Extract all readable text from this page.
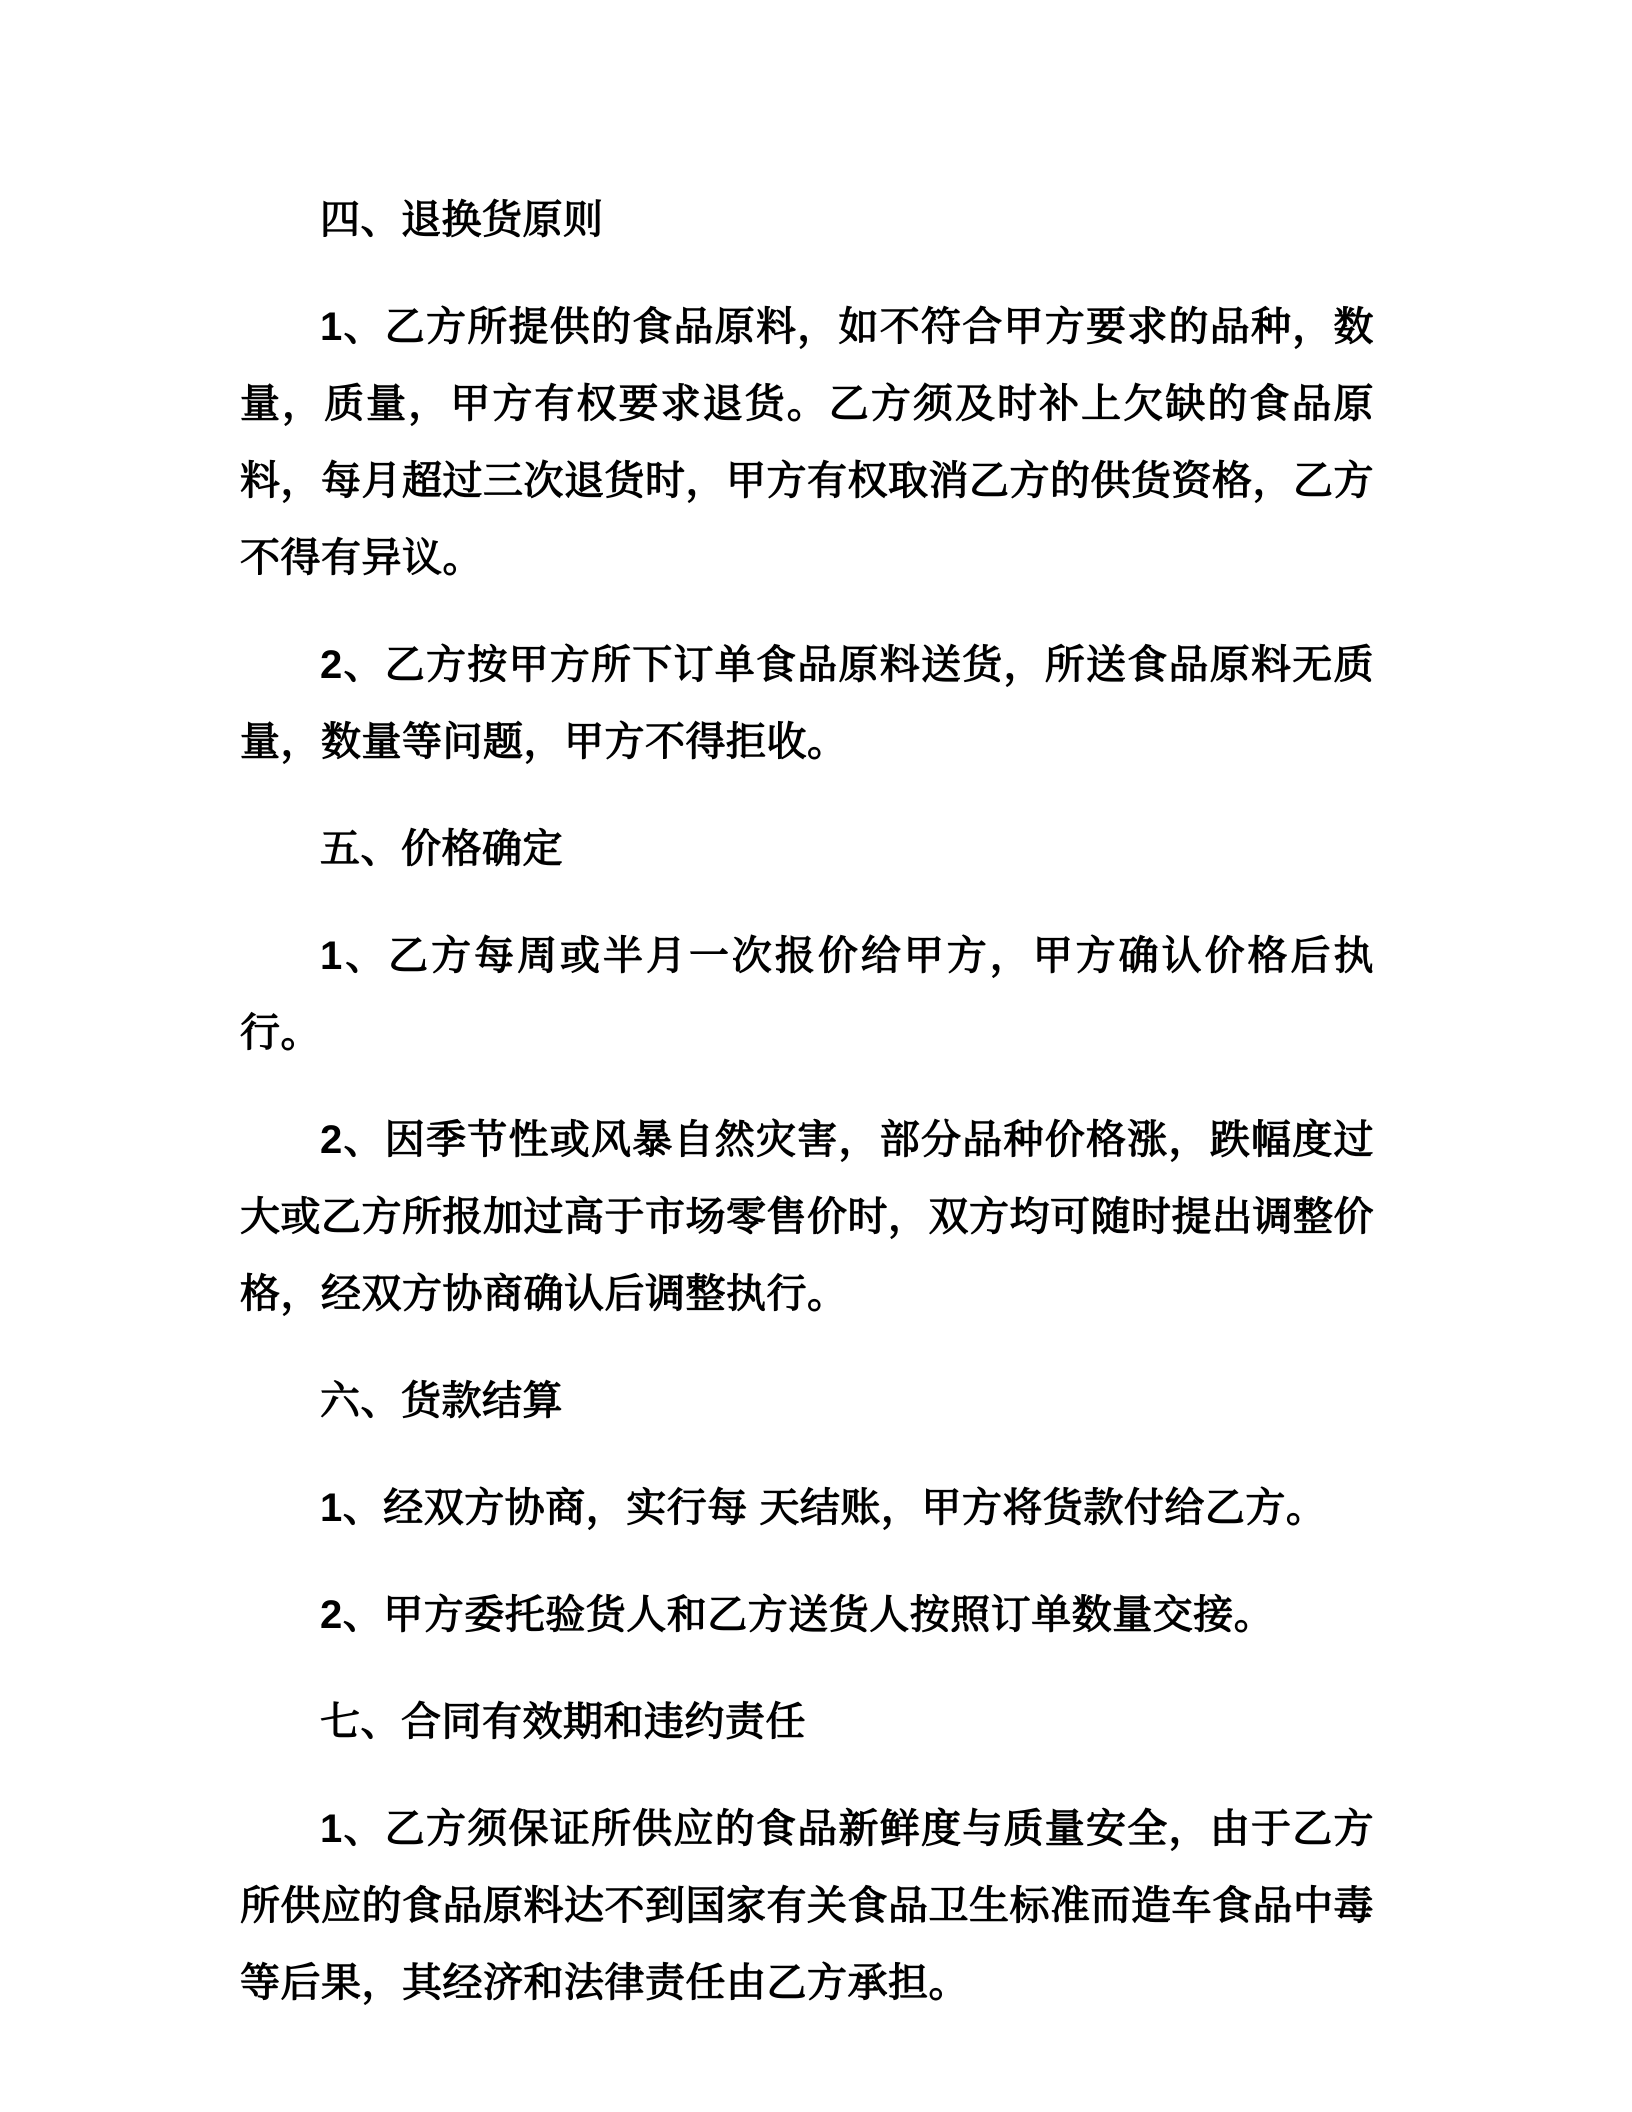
四、退换货原则

1、乙方所提供的食品原料，如不符合甲方要求的品种，数量，质量，甲方有权要求退货。乙方须及时补上欠缺的食品原料，每月超过三次退货时，甲方有权取消乙方的供货资格，乙方不得有异议。

2、乙方按甲方所下订单食品原料送货，所送食品原料无质量，数量等问题，甲方不得拒收。

五、价格确定

1、乙方每周或半月一次报价给甲方，甲方确认价格后执行。

2、因季节性或风暴自然灾害，部分品种价格涨，跌幅度过大或乙方所报加过高于市场零售价时，双方均可随时提出调整价格，经双方协商确认后调整执行。

六、货款结算

1、经双方协商，实行每 天结账，甲方将货款付给乙方。

2、甲方委托验货人和乙方送货人按照订单数量交接。

七、合同有效期和违约责任

1、乙方须保证所供应的食品新鲜度与质量安全，由于乙方所供应的食品原料达不到国家有关食品卫生标准而造车食品中毒等后果，其经济和法律责任由乙方承担。
